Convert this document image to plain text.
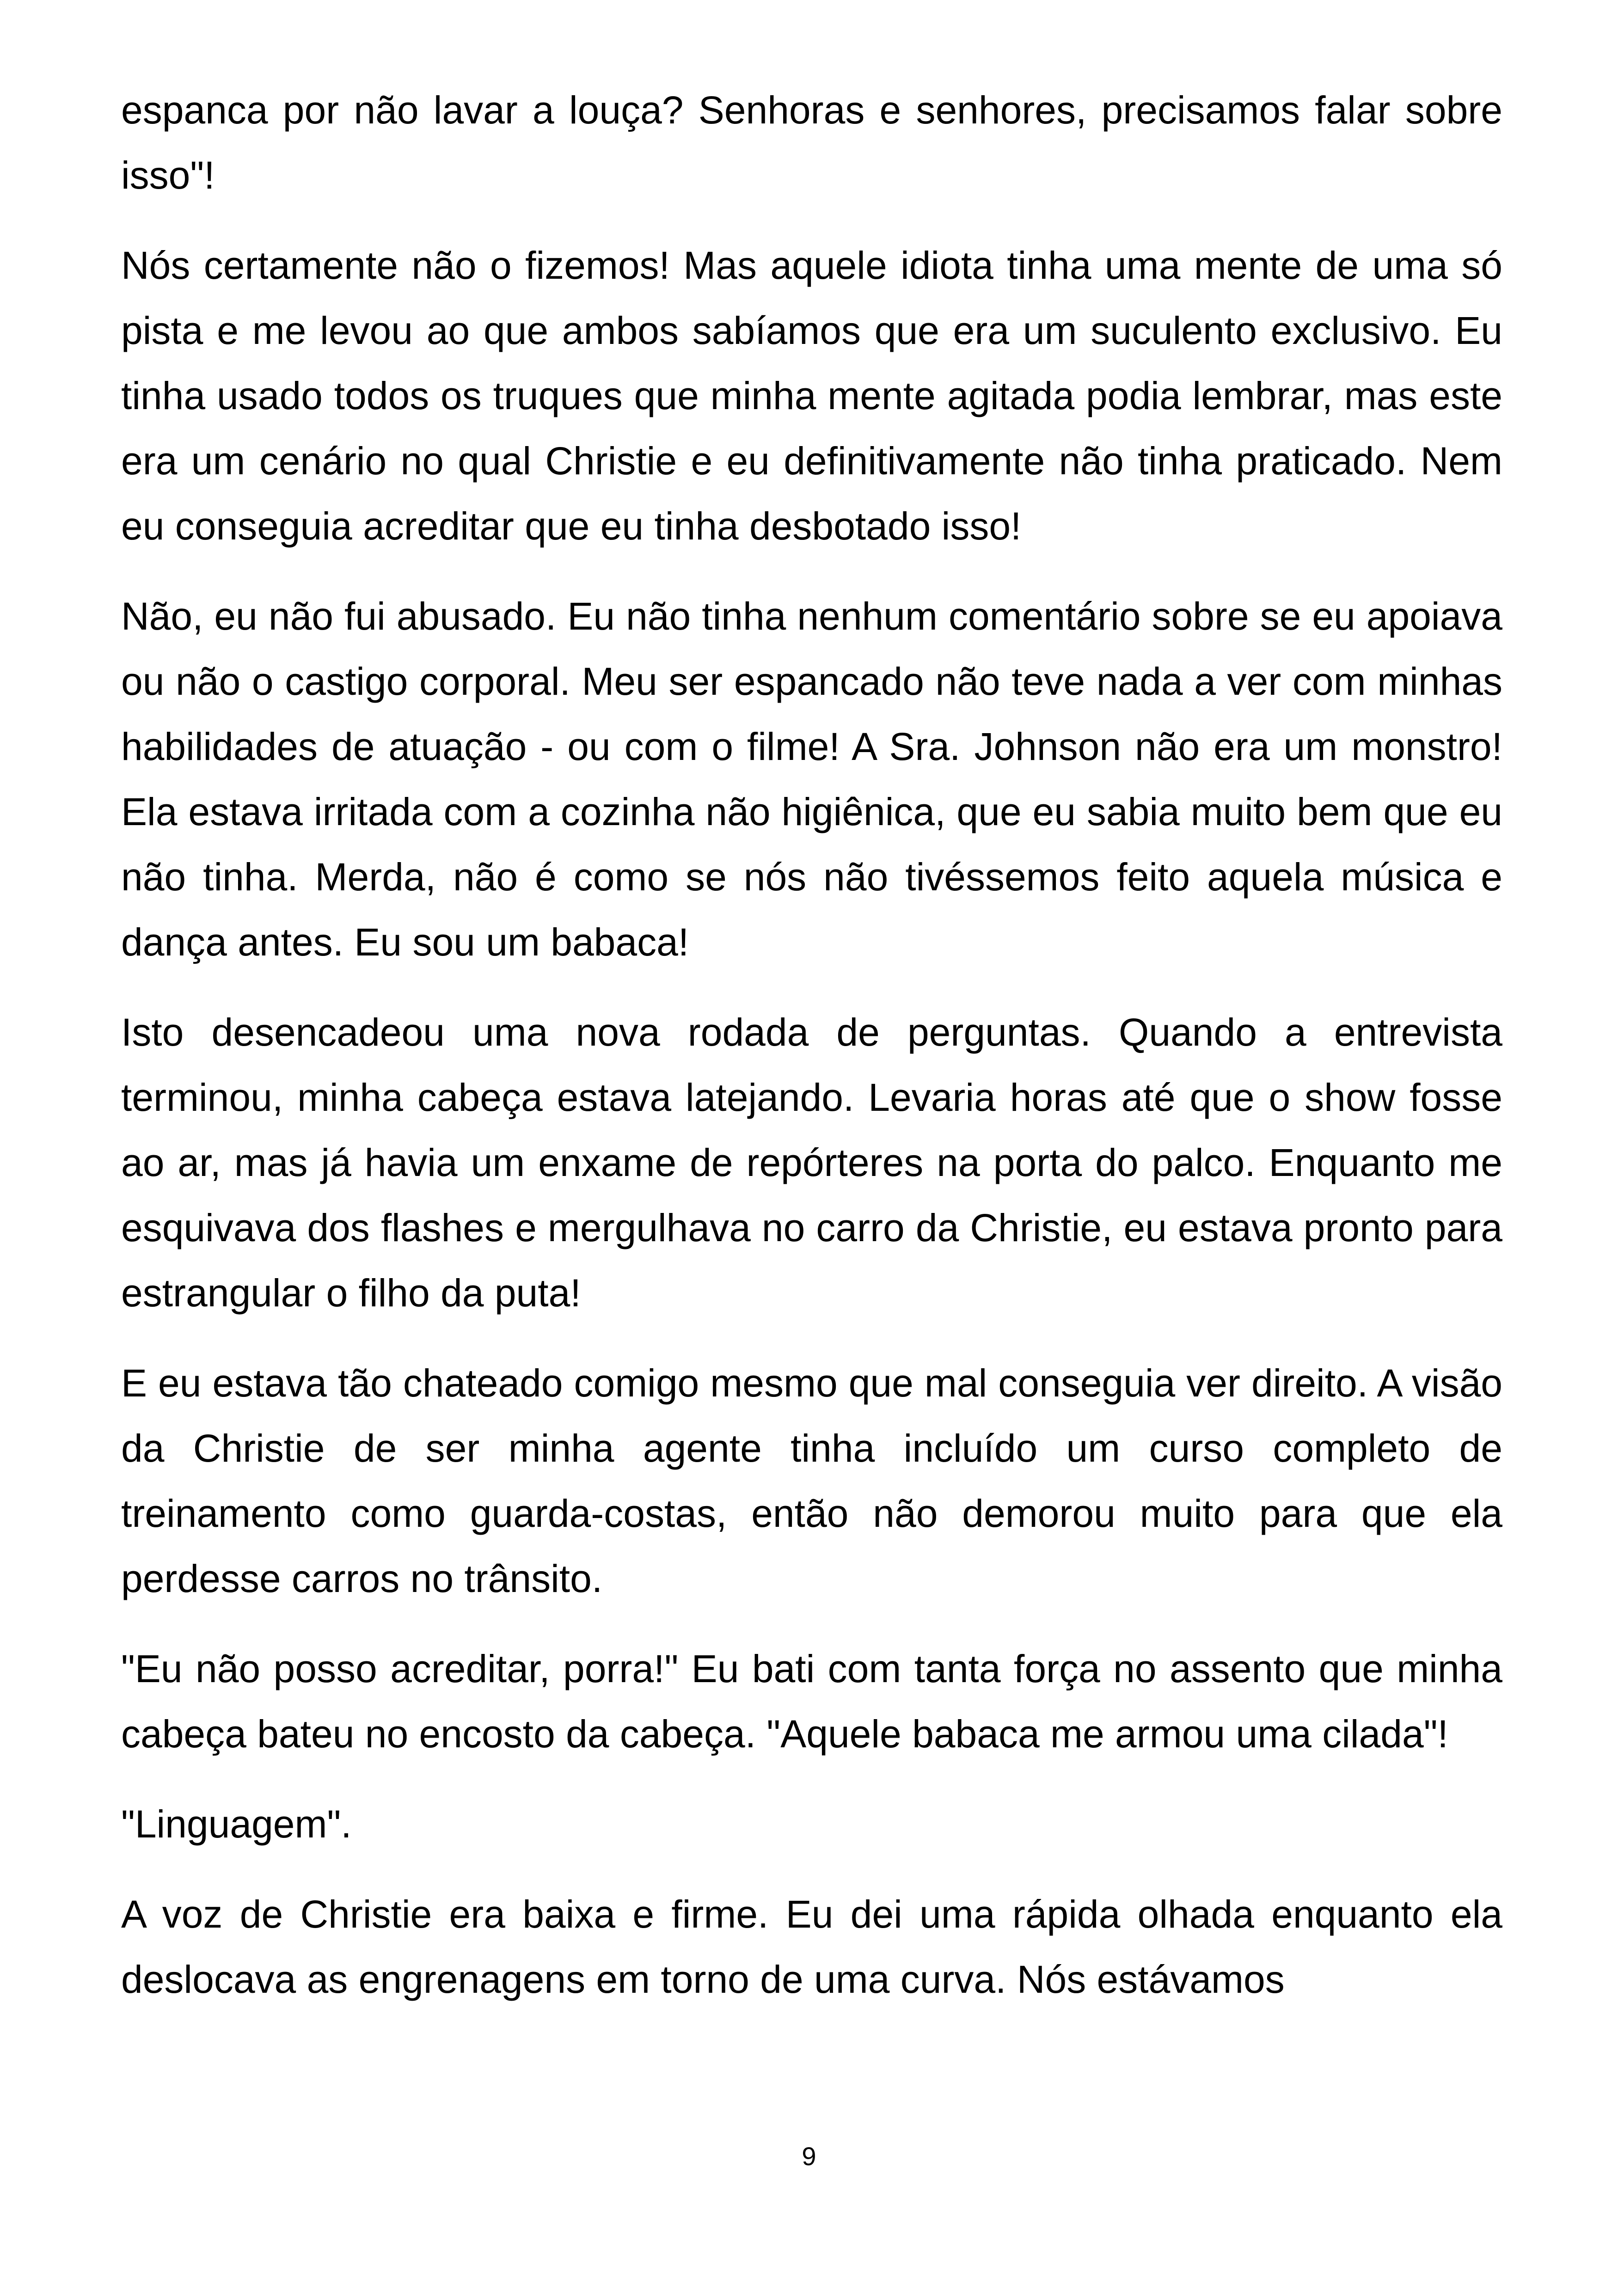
espanca por não lavar a louça? Senhoras e senhores, precisamos falar sobre isso"!

Nós certamente não o fizemos! Mas aquele idiota tinha uma mente de uma só pista e me levou ao que ambos sabíamos que era um suculento exclusivo. Eu tinha usado todos os truques que minha mente agitada podia lembrar, mas este era um cenário no qual Christie e eu definitivamente não tinha praticado. Nem eu conseguia acreditar que eu tinha desbotado isso!

Não, eu não fui abusado. Eu não tinha nenhum comentário sobre se eu apoiava ou não o castigo corporal. Meu ser espancado não teve nada a ver com minhas habilidades de atuação - ou com o filme! A Sra. Johnson não era um monstro! Ela estava irritada com a cozinha não higiênica, que eu sabia muito bem que eu não tinha. Merda, não é como se nós não tivéssemos feito aquela música e dança antes. Eu sou um babaca!

Isto desencadeou uma nova rodada de perguntas. Quando a entrevista terminou, minha cabeça estava latejando. Levaria horas até que o show fosse ao ar, mas já havia um enxame de repórteres na porta do palco. Enquanto me esquivava dos flashes e mergulhava no carro da Christie, eu estava pronto para estrangular o filho da puta!

E eu estava tão chateado comigo mesmo que mal conseguia ver direito. A visão da Christie de ser minha agente tinha incluído um curso completo de treinamento como guarda-costas, então não demorou muito para que ela perdesse carros no trânsito.

"Eu não posso acreditar, porra!" Eu bati com tanta força no assento que minha cabeça bateu no encosto da cabeça. "Aquele babaca me armou uma cilada"!

"Linguagem".

A voz de Christie era baixa e firme. Eu dei uma rápida olhada enquanto ela deslocava as engrenagens em torno de uma curva. Nós estávamos

9
